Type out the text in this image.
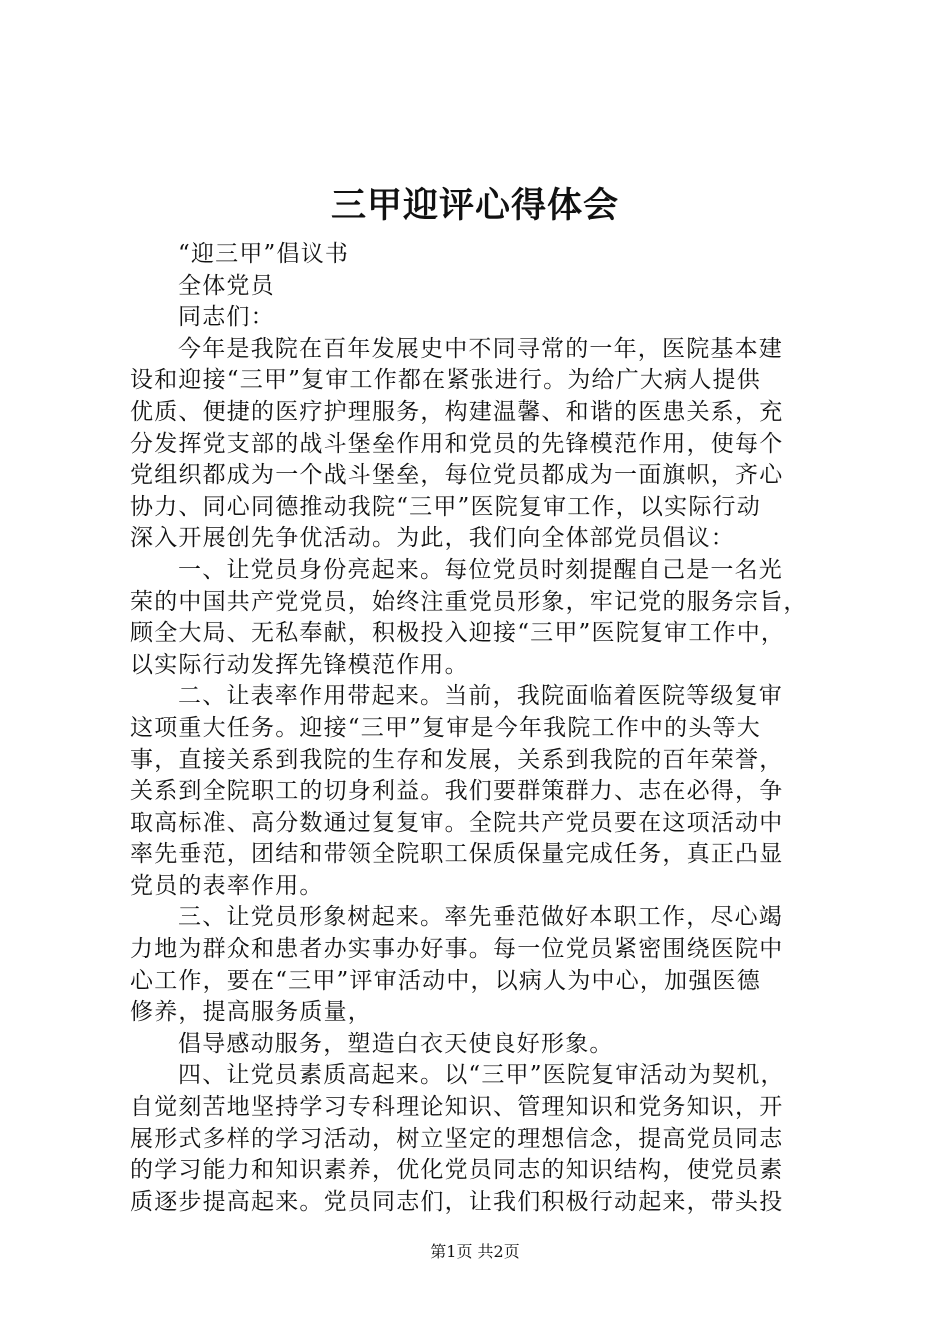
三甲迎评心得体会
“迎三甲”倡议书
全体党员
同志们：
今年是我院在百年发展史中不同寻常的一年，医院基本建
设和迎接“三甲”复审工作都在紧张进行。为给广大病人提供
优质、便捷的医疗护理服务，构建温馨、和谐的医患关系，充
分发挥党支部的战斗堡垒作用和党员的先锋模范作用，使每个
党组织都成为一个战斗堡垒，每位党员都成为一面旗帜，齐心
协力、同心同德推动我院“三甲”医院复审工作，以实际行动
深入开展创先争优活动。为此，我们向全体部党员倡议：
一、让党员身份亮起来。每位党员时刻提醒自己是一名光
荣的中国共产党党员，始终注重党员形象，牢记党的服务宗旨，
顾全大局、无私奉献，积极投入迎接“三甲”医院复审工作中，
以实际行动发挥先锋模范作用。
二、让表率作用带起来。当前，我院面临着医院等级复审
这项重大任务。迎接“三甲”复审是今年我院工作中的头等大
事，直接关系到我院的生存和发展，关系到我院的百年荣誉，
关系到全院职工的切身利益。我们要群策群力、志在必得，争
取高标准、高分数通过复复审。全院共产党员要在这项活动中
率先垂范，团结和带领全院职工保质保量完成任务，真正凸显
党员的表率作用。
三、让党员形象树起来。率先垂范做好本职工作，尽心竭
力地为群众和患者办实事办好事。每一位党员紧密围绕医院中
心工作，要在“三甲”评审活动中，以病人为中心，加强医德
修养，提高服务质量，
倡导感动服务，塑造白衣天使良好形象。
四、让党员素质高起来。以“三甲”医院复审活动为契机，
自觉刻苦地坚持学习专科理论知识、管理知识和党务知识，开
展形式多样的学习活动，树立坚定的理想信念，提高党员同志
的学习能力和知识素养，优化党员同志的知识结构，使党员素
质逐步提高起来。党员同志们，让我们积极行动起来，带头投
第1页 共2页
